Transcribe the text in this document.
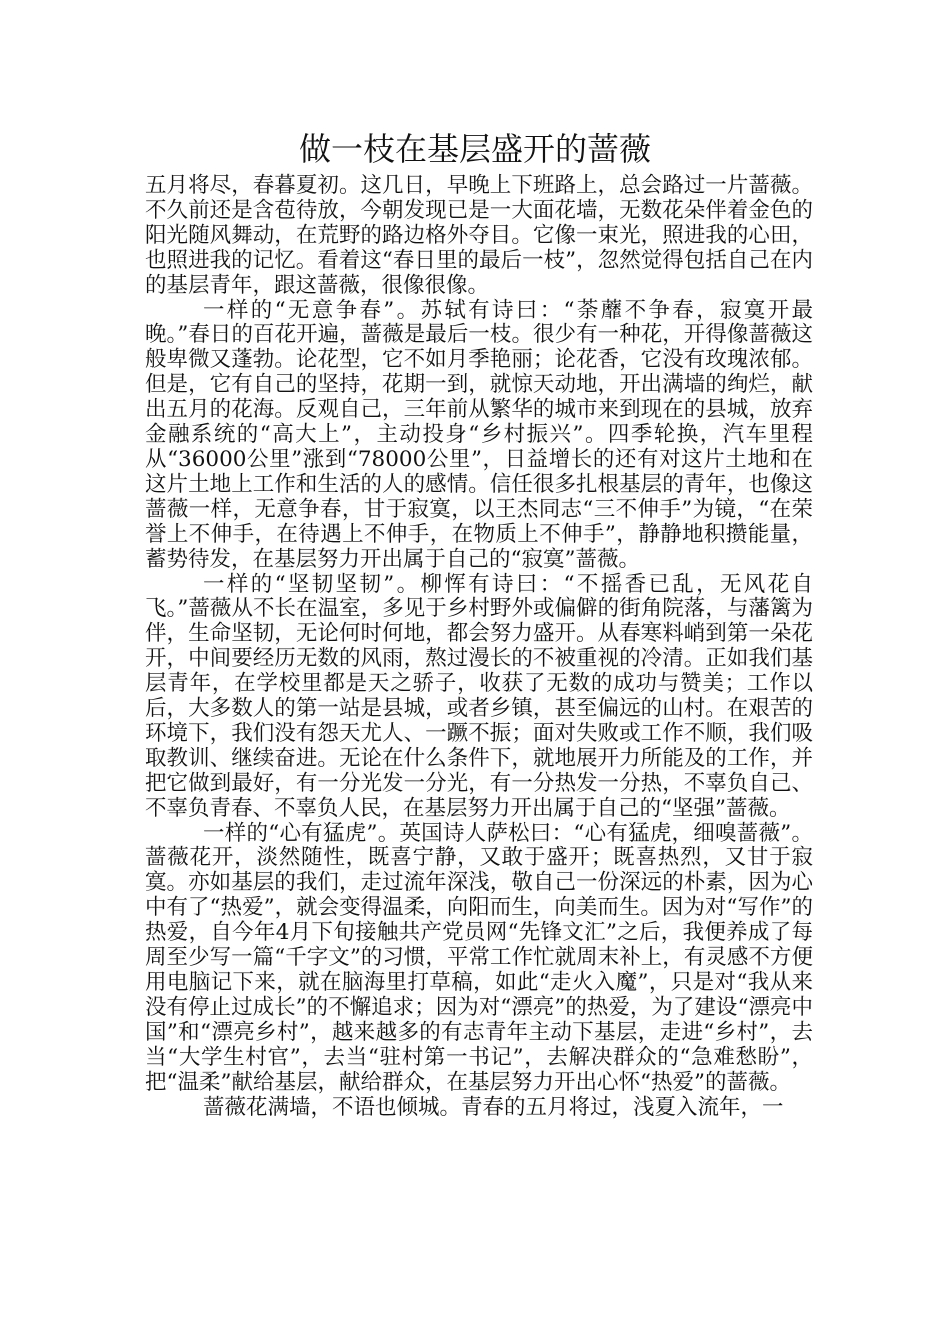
做一枝在基层盛开的蔷薇

五月将尽，春暮夏初。这几日，早晚上下班路上，总会路过一片蔷薇。不久前还是含苞待放，今朝发现已是一大面花墙，无数花朵伴着金色的阳光随风舞动，在荒野的路边格外夺目。它像一束光，照进我的心田，也照进我的记忆。看着这“春日里的最后一枝”，忽然觉得包括自己在内的基层青年，跟这蔷薇，很像很像。

一样的“无意争春”。苏轼有诗曰：“荼蘼不争春，寂寞开最晚。”春日的百花开遍，蔷薇是最后一枝。很少有一种花，开得像蔷薇这般卑微又蓬勃。论花型，它不如月季艳丽；论花香，它没有玫瑰浓郁。但是，它有自己的坚持，花期一到，就惊天动地，开出满墙的绚烂，献出五月的花海。反观自己，三年前从繁华的城市来到现在的县城，放弃金融系统的“高大上”，主动投身“乡村振兴”。四季轮换，汽车里程从“36000公里”涨到“78000公里”，日益增长的还有对这片土地和在这片土地上工作和生活的人的感情。信任很多扎根基层的青年，也像这蔷薇一样，无意争春，甘于寂寞，以王杰同志“三不伸手”为镜，“在荣誉上不伸手，在待遇上不伸手，在物质上不伸手”，静静地积攒能量，蓄势待发，在基层努力开出属于自己的“寂寞”蔷薇。

一样的“坚韧坚韧”。柳恽有诗曰：“不摇香已乱，无风花自飞。”蔷薇从不长在温室，多见于乡村野外或偏僻的街角院落，与藩篱为伴，生命坚韧，无论何时何地，都会努力盛开。从春寒料峭到第一朵花开，中间要经历无数的风雨，熬过漫长的不被重视的冷清。正如我们基层青年，在学校里都是天之骄子，收获了无数的成功与赞美；工作以后，大多数人的第一站是县城，或者乡镇，甚至偏远的山村。在艰苦的环境下，我们没有怨天尤人、一蹶不振；面对失败或工作不顺，我们吸取教训、继续奋进。无论在什么条件下，就地展开力所能及的工作，并把它做到最好，有一分光发一分光，有一分热发一分热，不辜负自己、不辜负青春、不辜负人民，在基层努力开出属于自己的“坚强”蔷薇。

一样的“心有猛虎”。英国诗人萨松曰：“心有猛虎，细嗅蔷薇”。蔷薇花开，淡然随性，既喜宁静，又敢于盛开；既喜热烈，又甘于寂寞。亦如基层的我们，走过流年深浅，敬自己一份深远的朴素，因为心中有了“热爱”，就会变得温柔，向阳而生，向美而生。因为对“写作”的热爱，自今年4月下旬接触共产党员网“先锋文汇”之后，我便养成了每周至少写一篇“千字文”的习惯，平常工作忙就周末补上，有灵感不方便用电脑记下来，就在脑海里打草稿，如此“走火入魔”，只是对“我从来没有停止过成长”的不懈追求；因为对“漂亮”的热爱，为了建设“漂亮中国”和“漂亮乡村”，越来越多的有志青年主动下基层，走进“乡村”，去当“大学生村官”，去当“驻村第一书记”，去解决群众的“急难愁盼”，把“温柔”献给基层，献给群众，在基层努力开出心怀“热爱”的蔷薇。

蔷薇花满墙，不语也倾城。青春的五月将过，浅夏入流年，一
